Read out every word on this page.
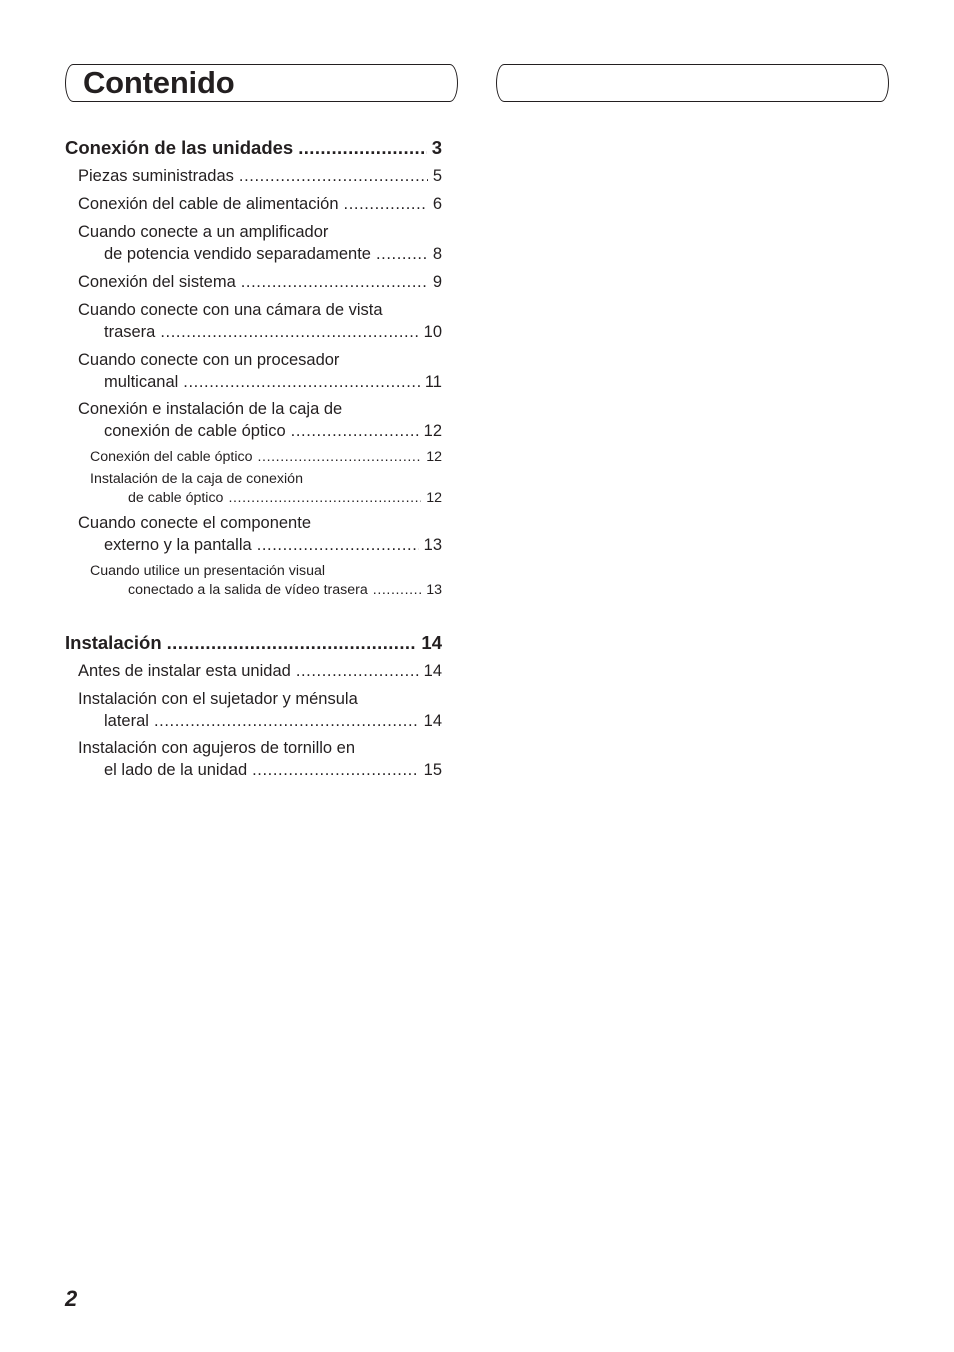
Contenido
Conexión de las unidades .....	3
Piezas suministradas .....	5
Conexión del cable de alimentación .....	6
Cuando conecte a un amplificador
de potencia vendido separadamente .....	8
Conexión del sistema .....	9
Cuando conecte con una cámara de vista
trasera .....	10
Cuando conecte con un procesador
multicanal .....	11
Conexión e instalación de la caja de
conexión de cable óptico .....	12
Conexión del cable óptico .....	12
Instalación de la caja de conexión
de cable óptico .....	12
Cuando conecte el componente
externo y la pantalla .....	13
Cuando utilice un presentación visual
conectado a la salida de vídeo trasera .....	13
Instalación .....	14
Antes de instalar esta unidad .....	14
Instalación con el sujetador y ménsula
lateral .....	14
Instalación con agujeros de tornillo en
el lado de la unidad .....	15
2
